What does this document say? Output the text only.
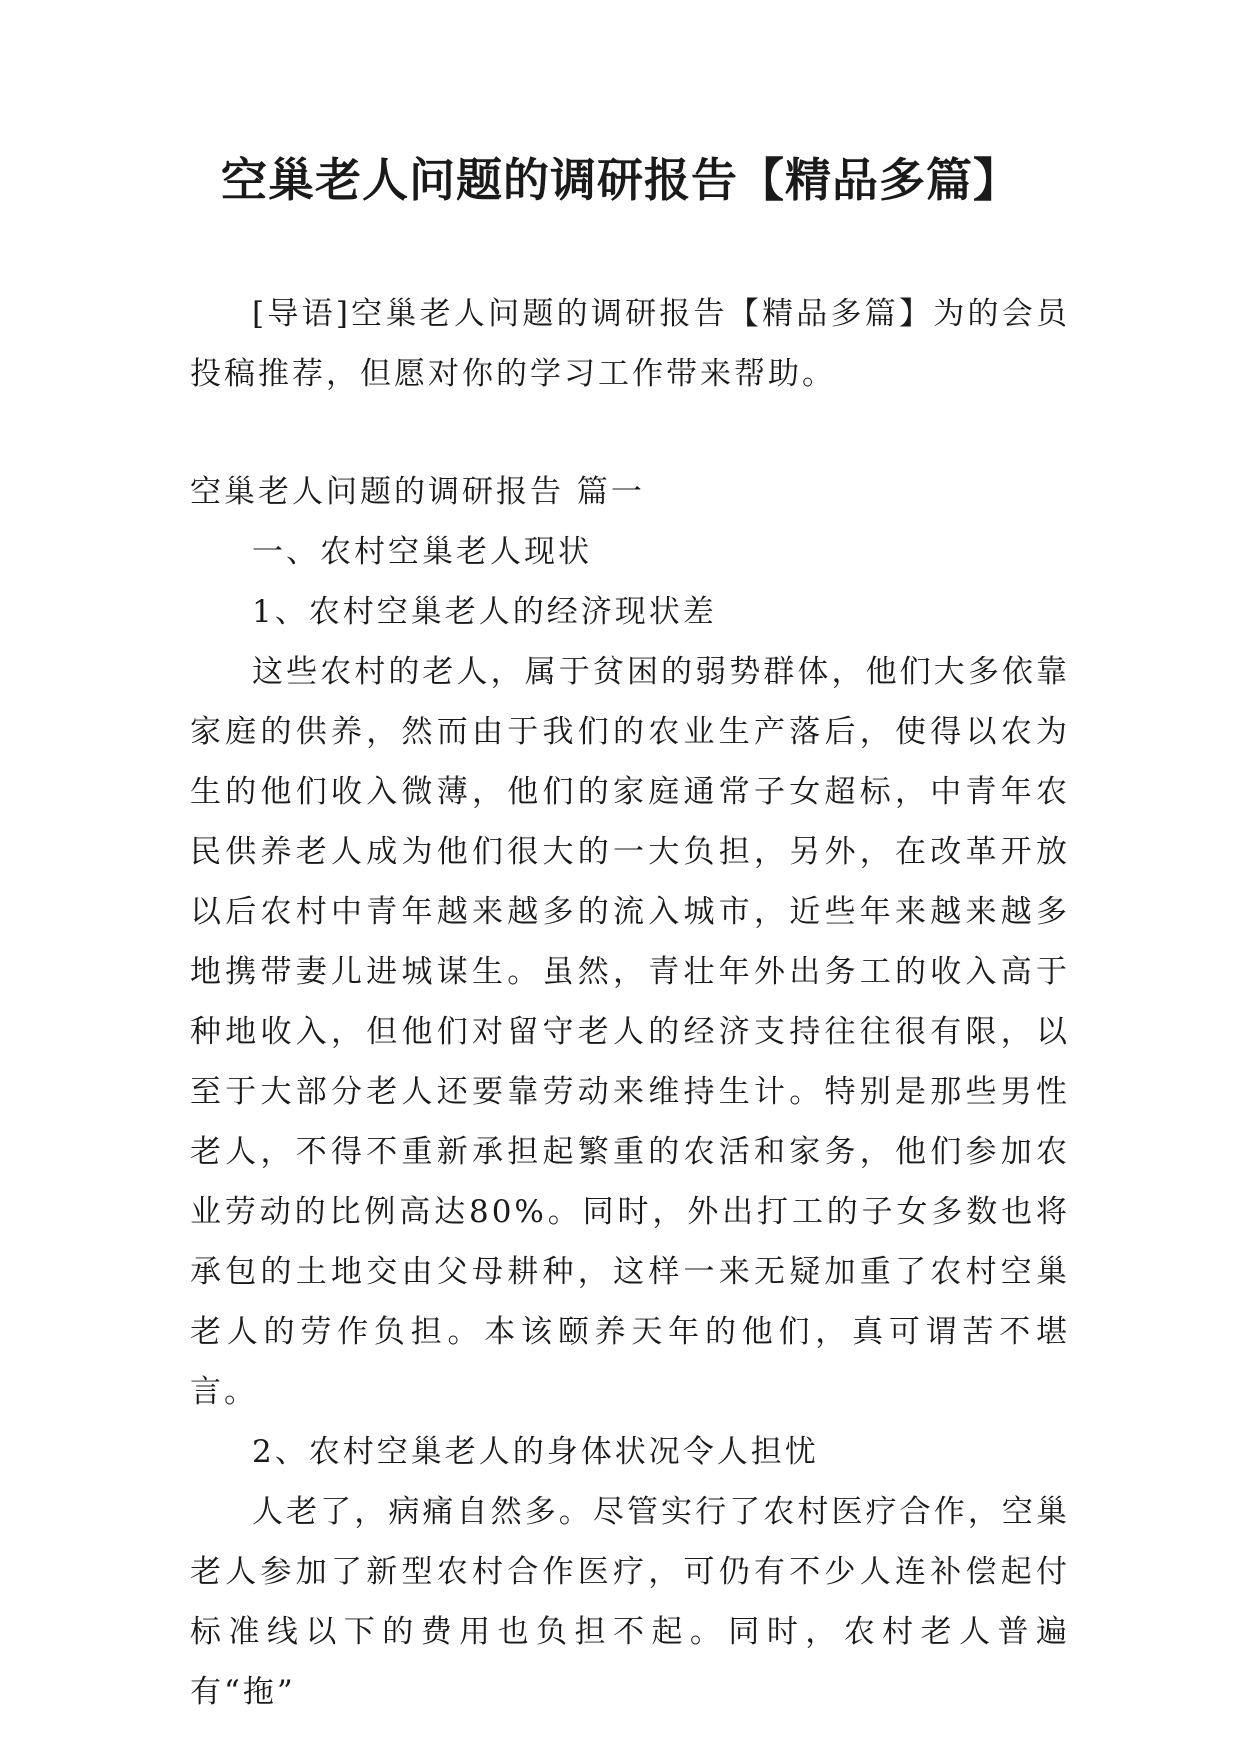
空巢老人问题的调研报告【精品多篇】

[导语]空巢老人问题的调研报告【精品多篇】为的会员投稿推荐，但愿对你的学习工作带来帮助。

空巢老人问题的调研报告 篇一

一、农村空巢老人现状

1、农村空巢老人的经济现状差

这些农村的老人，属于贫困的弱势群体，他们大多依靠家庭的供养，然而由于我们的农业生产落后，使得以农为生的他们收入微薄，他们的家庭通常子女超标，中青年农民供养老人成为他们很大的一大负担，另外，在改革开放以后农村中青年越来越多的流入城市，近些年来越来越多地携带妻儿进城谋生。虽然，青壮年外出务工的收入高于种地收入，但他们对留守老人的经济支持往往很有限，以至于大部分老人还要靠劳动来维持生计。特别是那些男性老人，不得不重新承担起繁重的农活和家务，他们参加农业劳动的比例高达80%。同时，外出打工的子女多数也将承包的土地交由父母耕种，这样一来无疑加重了农村空巢老人的劳作负担。本该颐养天年的他们，真可谓苦不堪言。

2、农村空巢老人的身体状况令人担忧

人老了，病痛自然多。尽管实行了农村医疗合作，空巢老人参加了新型农村合作医疗，可仍有不少人连补偿起付标准线以下的费用也负担不起。同时，农村老人普遍有“拖”
